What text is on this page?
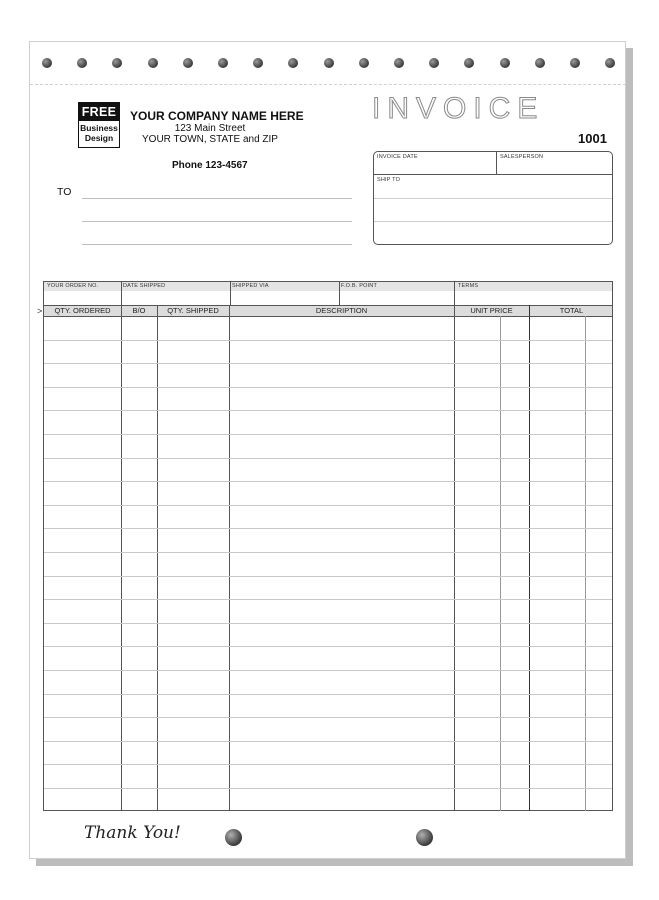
FREE
Business
Design
YOUR COMPANY NAME HERE
123 Main Street
YOUR TOWN, STATE and ZIP
Phone 123-4567
TO
INVOICE
1001
INVOICE DATE	SALESPERSON
SHIP TO
YOUR ORDER NO.	DATE SHIPPED	SHIPPED VIA	F.O.B. POINT	TERMS
QTY. ORDERED	B/O	QTY. SHIPPED	DESCRIPTION	UNIT PRICE	TOTAL
>
Thank You!
